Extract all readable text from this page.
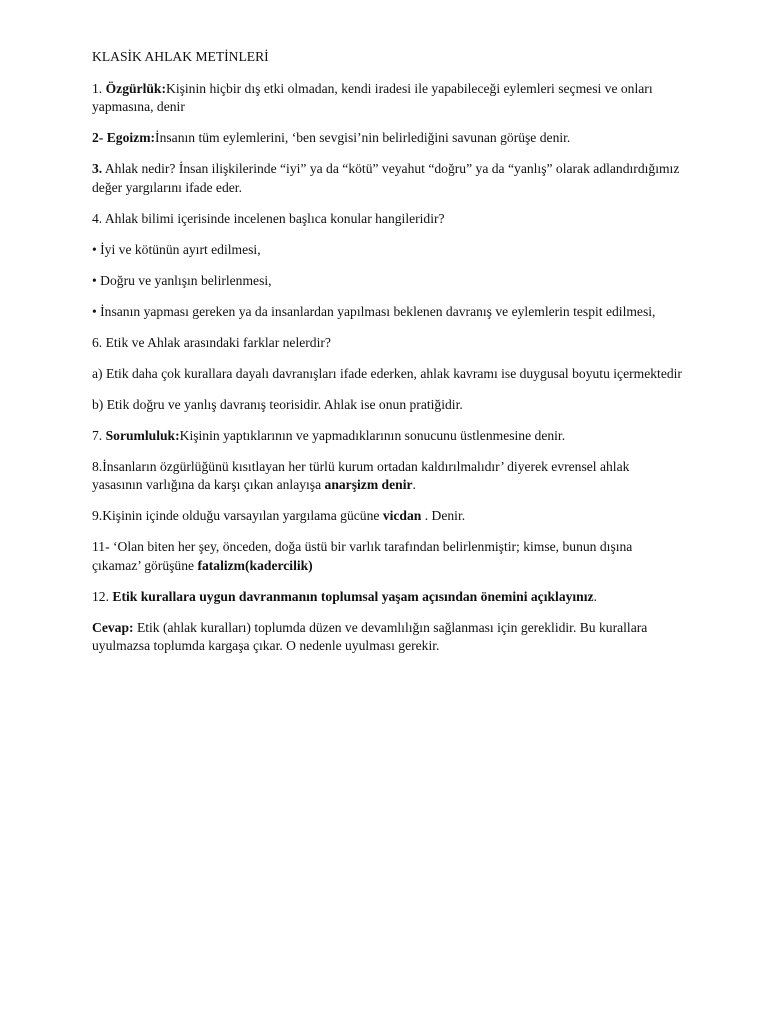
KLASİK AHLAK METİNLERİ

1. Özgürlük:Kişinin hiçbir dış etki olmadan, kendi iradesi ile yapabileceği eylemleri seçmesi ve onları yapmasına, denir

2- Egoizm:İnsanın tüm eylemlerini, ‘ben sevgisi’nin belirlediğini savunan görüşe denir.

3. Ahlak nedir? İnsan ilişkilerinde “iyi” ya da “kötü” veyahut “doğru” ya da “yanlış” olarak adlandırdığımız değer yargılarını ifade eder.

4. Ahlak bilimi içerisinde incelenen başlıca konular hangileridir?

• İyi ve kötünün ayırt edilmesi,

• Doğru ve yanlışın belirlenmesi,

• İnsanın yapması gereken ya da insanlardan yapılması beklenen davranış ve eylemlerin tespit edilmesi,

6. Etik ve Ahlak arasındaki farklar nelerdir?

a) Etik daha çok kurallara dayalı davranışları ifade ederken, ahlak kavramı ise duygusal boyutu içermektedir

b) Etik doğru ve yanlış davranış teorisidir. Ahlak ise onun pratiğidir.

7. Sorumluluk:Kişinin yaptıklarının ve yapmadıklarının sonucunu üstlenmesine denir.

8.İnsanların özgürlüğünü kısıtlayan her türlü kurum ortadan kaldırılmalıdır’ diyerek evrensel ahlak yasasının varlığına da karşı çıkan anlayışa anarşizm denir.

9.Kişinin içinde olduğu varsayılan yargılama gücüne vicdan . Denir.

11- ‘Olan biten her şey, önceden, doğa üstü bir varlık tarafından belirlenmiştir; kimse, bunun dışına çıkamaz’ görüşüne fatalizm(kadercilik)

12. Etik kurallara uygun davranmanın toplumsal yaşam açısından önemini açıklayınız.

Cevap: Etik (ahlak kuralları) toplumda düzen ve devamlılığın sağlanması için gereklidir. Bu kurallara uyulmazsa toplumda kargaşa çıkar. O nedenle uyulması gerekir.
